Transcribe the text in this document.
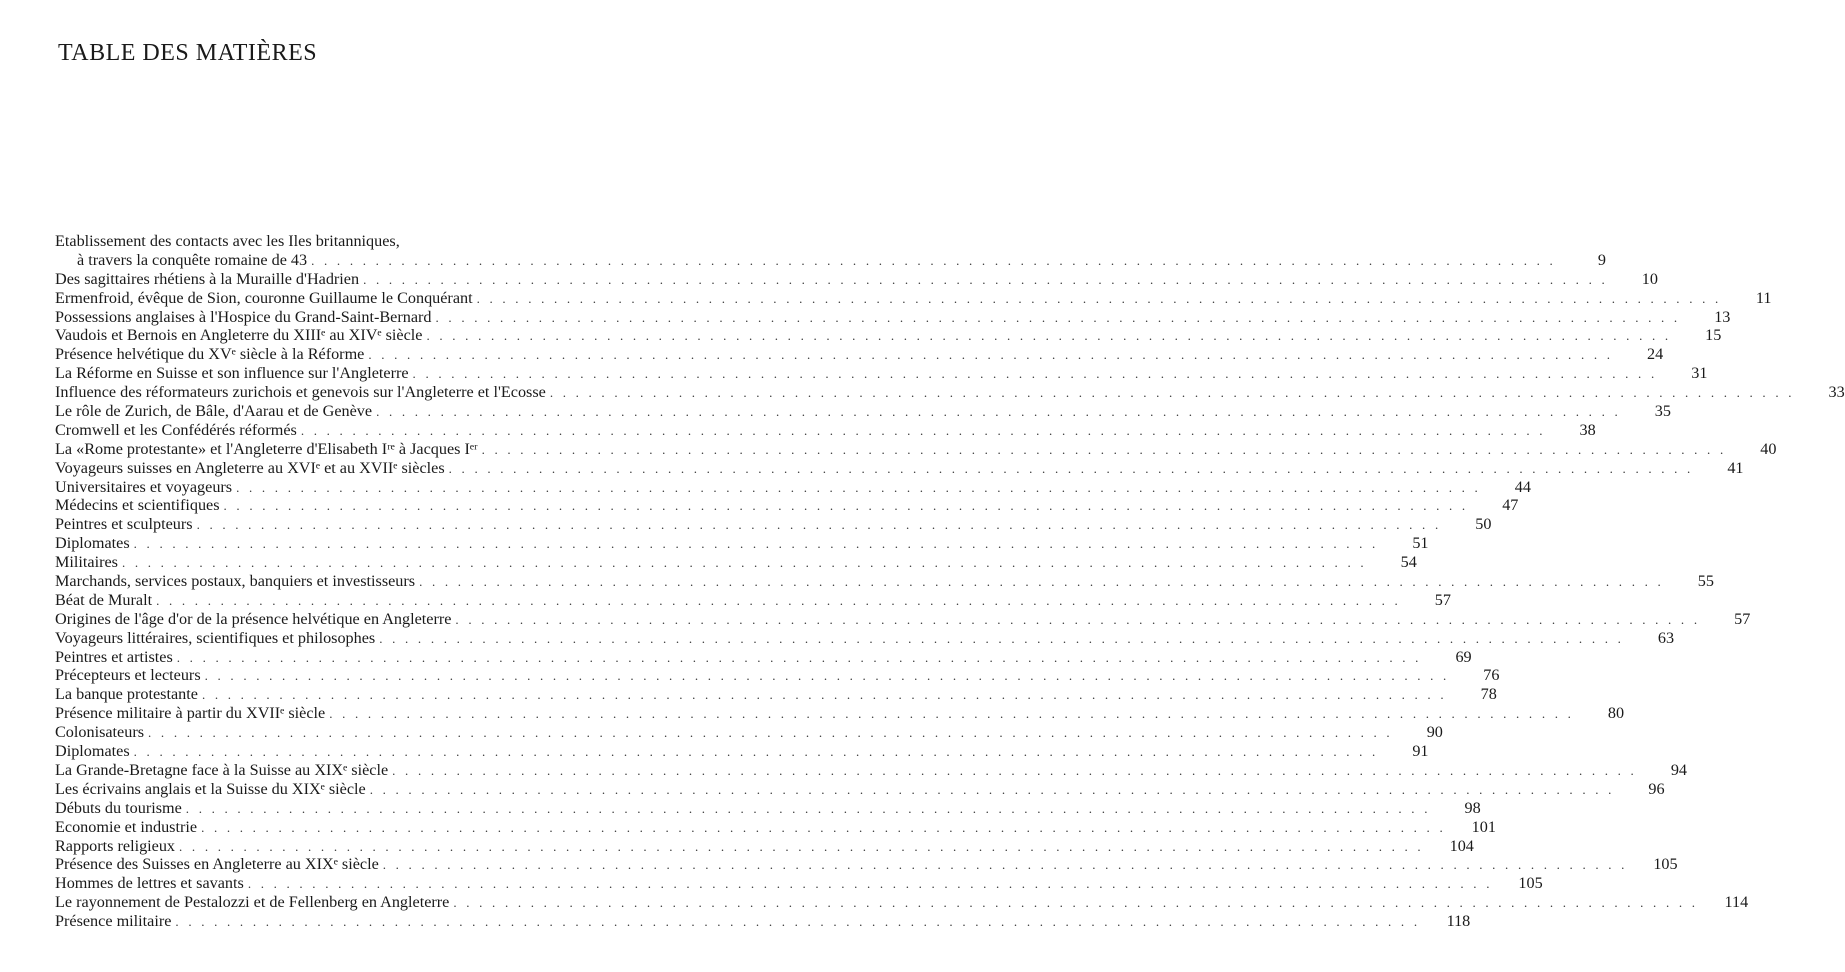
TABLE DES MATIÈRES
Etablissement des contacts avec les Iles britanniques,
à travers la conquête romaine de 43 . . . . . . . . . . . . . . . . . . . . . . . . . . . . . . . . . . . . . . . . . . . . . . . . . . . . . . . . . . . . . . . . . . . . . . . . . . . . . . . . . . . . . . . . . . . . . . . . .	9
Des sagittaires rhétiens à la Muraille d'Hadrien . . . . . . . . . . . . . . . . . . . . . . . . . . . . . . . . . . . . . . . . . . . . . . . . . . . . . . . . . . . . . . . . . . . . . . . . . . . . . . . . . . . . . . . . . . . . . . . . .	10
Ermenfroid, évêque de Sion, couronne Guillaume le Conquérant . . . . . . . . . . . . . . . . . . . . . . . . . . . . . . . . . . . . . . . . . . . . . . . . . . . . . . . . . . . . . . . . . . . . . . . . . . . . . . . . . . . . . . . . . . . . . . . . .	11
Possessions anglaises à l'Hospice du Grand-Saint-Bernard . . . . . . . . . . . . . . . . . . . . . . . . . . . . . . . . . . . . . . . . . . . . . . . . . . . . . . . . . . . . . . . . . . . . . . . . . . . . . . . . . . . . . . . . . . . . . . . . .	13
Vaudois et Bernois en Angleterre du XIIIᵉ au XIVᵉ siècle . . . . . . . . . . . . . . . . . . . . . . . . . . . . . . . . . . . . . . . . . . . . . . . . . . . . . . . . . . . . . . . . . . . . . . . . . . . . . . . . . . . . . . . . . . . . . . . . .	15
Présence helvétique du XVᵉ siècle à la Réforme . . . . . . . . . . . . . . . . . . . . . . . . . . . . . . . . . . . . . . . . . . . . . . . . . . . . . . . . . . . . . . . . . . . . . . . . . . . . . . . . . . . . . . . . . . . . . . . . .	24
La Réforme en Suisse et son influence sur l'Angleterre . . . . . . . . . . . . . . . . . . . . . . . . . . . . . . . . . . . . . . . . . . . . . . . . . . . . . . . . . . . . . . . . . . . . . . . . . . . . . . . . . . . . . . . . . . . . . . . . .	31
Influence des réformateurs zurichois et genevois sur l'Angleterre et l'Ecosse . . . . . . . . . . . . . . . . . . . . . . . . . . . . . . . . . . . . . . . . . . . . . . . . . . . . . . . . . . . . . . . . . . . . . . . . . . . . . . . . . . . . . . . . . . . . . . . . .	33
Le rôle de Zurich, de Bâle, d'Aarau et de Genève . . . . . . . . . . . . . . . . . . . . . . . . . . . . . . . . . . . . . . . . . . . . . . . . . . . . . . . . . . . . . . . . . . . . . . . . . . . . . . . . . . . . . . . . . . . . . . . . .	35
Cromwell et les Confédérés réformés . . . . . . . . . . . . . . . . . . . . . . . . . . . . . . . . . . . . . . . . . . . . . . . . . . . . . . . . . . . . . . . . . . . . . . . . . . . . . . . . . . . . . . . . . . . . . . . . .	38
La «Rome protestante» et l'Angleterre d'Elisabeth Iʳᵉ à Jacques Iᵉʳ . . . . . . . . . . . . . . . . . . . . . . . . . . . . . . . . . . . . . . . . . . . . . . . . . . . . . . . . . . . . . . . . . . . . . . . . . . . . . . . . . . . . . . . . . . . . . . . . .	40
Voyageurs suisses en Angleterre au XVIᵉ et au XVIIᵉ siècles . . . . . . . . . . . . . . . . . . . . . . . . . . . . . . . . . . . . . . . . . . . . . . . . . . . . . . . . . . . . . . . . . . . . . . . . . . . . . . . . . . . . . . . . . . . . . . . . .	41
Universitaires et voyageurs . . . . . . . . . . . . . . . . . . . . . . . . . . . . . . . . . . . . . . . . . . . . . . . . . . . . . . . . . . . . . . . . . . . . . . . . . . . . . . . . . . . . . . . . . . . . . . . . .	44
Médecins et scientifiques . . . . . . . . . . . . . . . . . . . . . . . . . . . . . . . . . . . . . . . . . . . . . . . . . . . . . . . . . . . . . . . . . . . . . . . . . . . . . . . . . . . . . . . . . . . . . . . . .	47
Peintres et sculpteurs . . . . . . . . . . . . . . . . . . . . . . . . . . . . . . . . . . . . . . . . . . . . . . . . . . . . . . . . . . . . . . . . . . . . . . . . . . . . . . . . . . . . . . . . . . . . . . . . .	50
Diplomates . . . . . . . . . . . . . . . . . . . . . . . . . . . . . . . . . . . . . . . . . . . . . . . . . . . . . . . . . . . . . . . . . . . . . . . . . . . . . . . . . . . . . . . . . . . . . . . . .	51
Militaires . . . . . . . . . . . . . . . . . . . . . . . . . . . . . . . . . . . . . . . . . . . . . . . . . . . . . . . . . . . . . . . . . . . . . . . . . . . . . . . . . . . . . . . . . . . . . . . . .	54
Marchands, services postaux, banquiers et investisseurs . . . . . . . . . . . . . . . . . . . . . . . . . . . . . . . . . . . . . . . . . . . . . . . . . . . . . . . . . . . . . . . . . . . . . . . . . . . . . . . . . . . . . . . . . . . . . . . . .	55
Béat de Muralt . . . . . . . . . . . . . . . . . . . . . . . . . . . . . . . . . . . . . . . . . . . . . . . . . . . . . . . . . . . . . . . . . . . . . . . . . . . . . . . . . . . . . . . . . . . . . . . . .	57
Origines de l'âge d'or de la présence helvétique en Angleterre . . . . . . . . . . . . . . . . . . . . . . . . . . . . . . . . . . . . . . . . . . . . . . . . . . . . . . . . . . . . . . . . . . . . . . . . . . . . . . . . . . . . . . . . . . . . . . . . .	57
Voyageurs littéraires, scientifiques et philosophes . . . . . . . . . . . . . . . . . . . . . . . . . . . . . . . . . . . . . . . . . . . . . . . . . . . . . . . . . . . . . . . . . . . . . . . . . . . . . . . . . . . . . . . . . . . . . . . . .	63
Peintres et artistes . . . . . . . . . . . . . . . . . . . . . . . . . . . . . . . . . . . . . . . . . . . . . . . . . . . . . . . . . . . . . . . . . . . . . . . . . . . . . . . . . . . . . . . . . . . . . . . . .	69
Précepteurs et lecteurs . . . . . . . . . . . . . . . . . . . . . . . . . . . . . . . . . . . . . . . . . . . . . . . . . . . . . . . . . . . . . . . . . . . . . . . . . . . . . . . . . . . . . . . . . . . . . . . . .	76
La banque protestante . . . . . . . . . . . . . . . . . . . . . . . . . . . . . . . . . . . . . . . . . . . . . . . . . . . . . . . . . . . . . . . . . . . . . . . . . . . . . . . . . . . . . . . . . . . . . . . . .	78
Présence militaire à partir du XVIIᵉ siècle . . . . . . . . . . . . . . . . . . . . . . . . . . . . . . . . . . . . . . . . . . . . . . . . . . . . . . . . . . . . . . . . . . . . . . . . . . . . . . . . . . . . . . . . . . . . . . . . .	80
Colonisateurs . . . . . . . . . . . . . . . . . . . . . . . . . . . . . . . . . . . . . . . . . . . . . . . . . . . . . . . . . . . . . . . . . . . . . . . . . . . . . . . . . . . . . . . . . . . . . . . . .	90
Diplomates . . . . . . . . . . . . . . . . . . . . . . . . . . . . . . . . . . . . . . . . . . . . . . . . . . . . . . . . . . . . . . . . . . . . . . . . . . . . . . . . . . . . . . . . . . . . . . . . .	91
La Grande-Bretagne face à la Suisse au XIXᵉ siècle . . . . . . . . . . . . . . . . . . . . . . . . . . . . . . . . . . . . . . . . . . . . . . . . . . . . . . . . . . . . . . . . . . . . . . . . . . . . . . . . . . . . . . . . . . . . . . . . .	94
Les écrivains anglais et la Suisse du XIXᵉ siècle . . . . . . . . . . . . . . . . . . . . . . . . . . . . . . . . . . . . . . . . . . . . . . . . . . . . . . . . . . . . . . . . . . . . . . . . . . . . . . . . . . . . . . . . . . . . . . . . .	96
Débuts du tourisme . . . . . . . . . . . . . . . . . . . . . . . . . . . . . . . . . . . . . . . . . . . . . . . . . . . . . . . . . . . . . . . . . . . . . . . . . . . . . . . . . . . . . . . . . . . . . . . . .	98
Economie et industrie . . . . . . . . . . . . . . . . . . . . . . . . . . . . . . . . . . . . . . . . . . . . . . . . . . . . . . . . . . . . . . . . . . . . . . . . . . . . . . . . . . . . . . . . . . . . . . . . .	101
Rapports religieux . . . . . . . . . . . . . . . . . . . . . . . . . . . . . . . . . . . . . . . . . . . . . . . . . . . . . . . . . . . . . . . . . . . . . . . . . . . . . . . . . . . . . . . . . . . . . . . . .	104
Présence des Suisses en Angleterre au XIXᵉ siècle . . . . . . . . . . . . . . . . . . . . . . . . . . . . . . . . . . . . . . . . . . . . . . . . . . . . . . . . . . . . . . . . . . . . . . . . . . . . . . . . . . . . . . . . . . . . . . . . .	105
Hommes de lettres et savants . . . . . . . . . . . . . . . . . . . . . . . . . . . . . . . . . . . . . . . . . . . . . . . . . . . . . . . . . . . . . . . . . . . . . . . . . . . . . . . . . . . . . . . . . . . . . . . . .	105
Le rayonnement de Pestalozzi et de Fellenberg en Angleterre . . . . . . . . . . . . . . . . . . . . . . . . . . . . . . . . . . . . . . . . . . . . . . . . . . . . . . . . . . . . . . . . . . . . . . . . . . . . . . . . . . . . . . . . . . . . . . . . .	114
Présence militaire . . . . . . . . . . . . . . . . . . . . . . . . . . . . . . . . . . . . . . . . . . . . . . . . . . . . . . . . . . . . . . . . . . . . . . . . . . . . . . . . . . . . . . . . . . . . . . . . .	118
